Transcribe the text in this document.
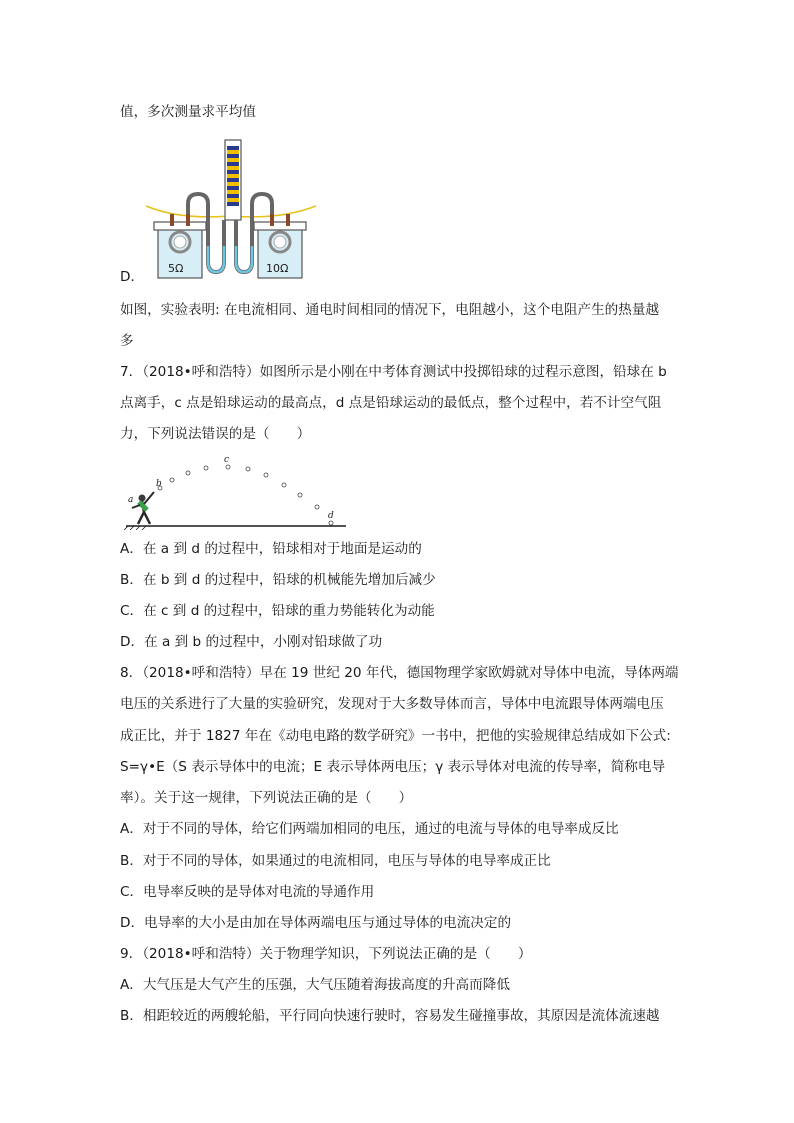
值，多次测量求平均值
5Ω	10Ω
D．
如图，实验表明: 在电流相同、通电时间相同的情况下，电阻越小，这个电阻产生的热量越
多
7．（2018•呼和浩特）如图所示是小刚在中考体育测试中投掷铅球的过程示意图，铅球在 b
点离手，c 点是铅球运动的最高点，d 点是铅球运动的最低点，整个过程中，若不计空气阻
力，下列说法错误的是（　　）
a
b
c
d
A．在 a 到 d 的过程中，铅球相对于地面是运动的
B．在 b 到 d 的过程中，铅球的机械能先增加后减少
C．在 c 到 d 的过程中，铅球的重力势能转化为动能
D．在 a 到 b 的过程中，小刚对铅球做了功
8．（2018•呼和浩特）早在 19 世纪 20 年代，德国物理学家欧姆就对导体中电流，导体两端
电压的关系进行了大量的实验研究，发现对于大多数导体而言，导体中电流跟导体两端电压
成正比，并于 1827 年在《动电电路的数学研究》一书中，把他的实验规律总结成如下公式:
S=γ•E（S 表示导体中的电流；E 表示导体两电压；γ 表示导体对电流的传导率，简称电导
率）。关于这一规律，下列说法正确的是（　　）
A．对于不同的导体，给它们两端加相同的电压，通过的电流与导体的电导率成反比
B．对于不同的导体，如果通过的电流相同，电压与导体的电导率成正比
C．电导率反映的是导体对电流的导通作用
D．电导率的大小是由加在导体两端电压与通过导体的电流决定的
9．（2018•呼和浩特）关于物理学知识，下列说法正确的是（　　）
A．大气压是大气产生的压强，大气压随着海拔高度的升高而降低
B．相距较近的两艘轮船，平行同向快速行驶时，容易发生碰撞事故，其原因是流体流速越
